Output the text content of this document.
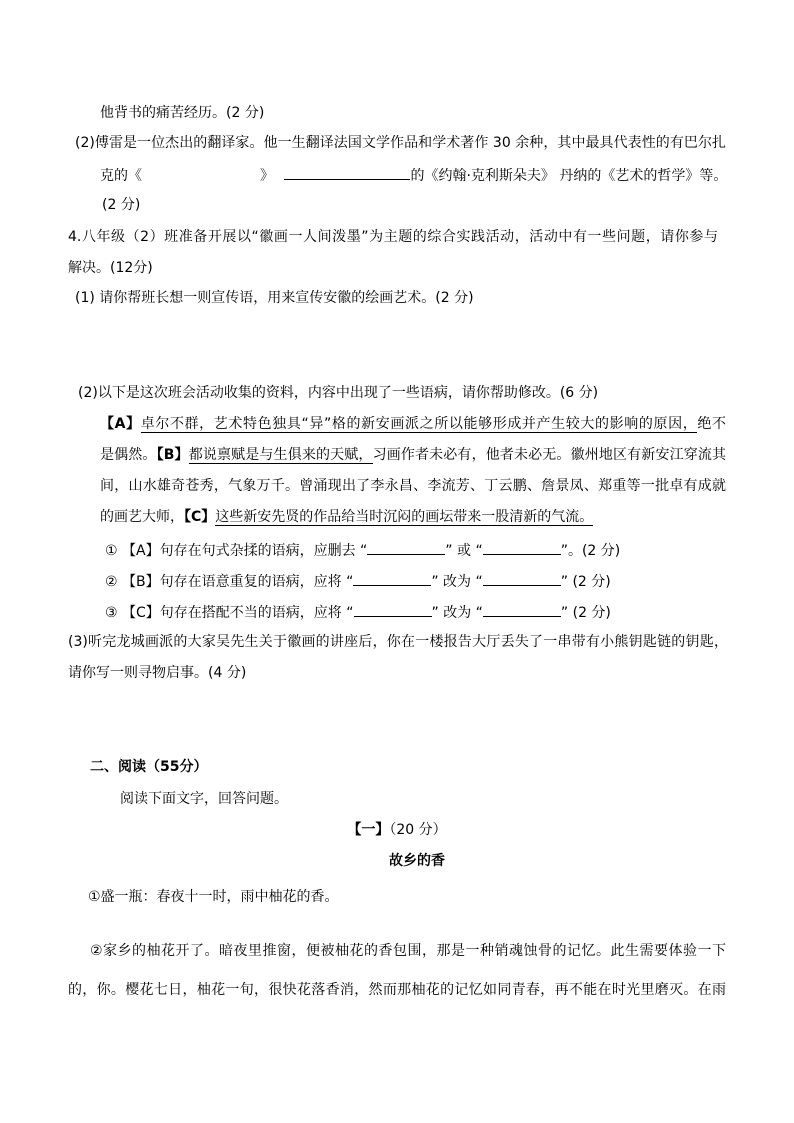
他背书的痛苦经历。(2 分)
(2)傅雷是一位杰出的翻译家。他一生翻译法国文学作品和学术著作 30 余种，其中最具代表性的有巴尔扎
克的《	》	的《约翰·克利斯朵夫》 丹纳的《艺术的哲学》等。
(2 分)
4.八年级（2）班准备开展以“徽画一人间泼墨”为主题的综合实践活动，活动中有一些问题，请你参与
解决。(12分)
(1) 请你帮班长想一则宣传语，用来宣传安徽的绘画艺术。(2 分)
(2)以下是这次班会活动收集的资料，内容中出现了一些语病，请你帮助修改。(6 分)
【A】卓尔不群，艺术特色独具“异”格的新安画派之所以能够形成并产生较大的影响的原因，绝不
是偶然。【B】都说禀赋是与生俱来的天赋，习画作者未必有，他者未必无。徽州地区有新安江穿流其
间，山水雄奇苍秀，气象万千。曾涌现出了李永昌、李流芳、丁云鹏、詹景凤、郑重等一批卓有成就
的画艺大师，【C】这些新安先贤的作品给当时沉闷的画坛带来一股清新的气流。
① 【A】句存在句式杂揉的语病，应删去 “	” 或 “	”。(2 分)
② 【B】句存在语意重复的语病，应将 “	” 改为 “	” (2 分)
③ 【C】句存在搭配不当的语病，应将 “	” 改为 “	” (2 分)
(3)听完龙城画派的大家吴先生关于徽画的讲座后，你在一楼报告大厅丢失了一串带有小熊钥匙链的钥匙，
请你写一则寻物启事。(4 分)
二、阅读（55分）
阅读下面文字，回答问题。
【一】（20 分）
故乡的香
①盛一瓶：春夜十一时，雨中柚花的香。
②家乡的柚花开了。暗夜里推窗，便被柚花的香包围，那是一种销魂蚀骨的记忆。此生需要体验一下
的，你。樱花七日，柚花一旬，很快花落香消，然而那柚花的记忆如同青春，再不能在时光里磨灭。在雨
